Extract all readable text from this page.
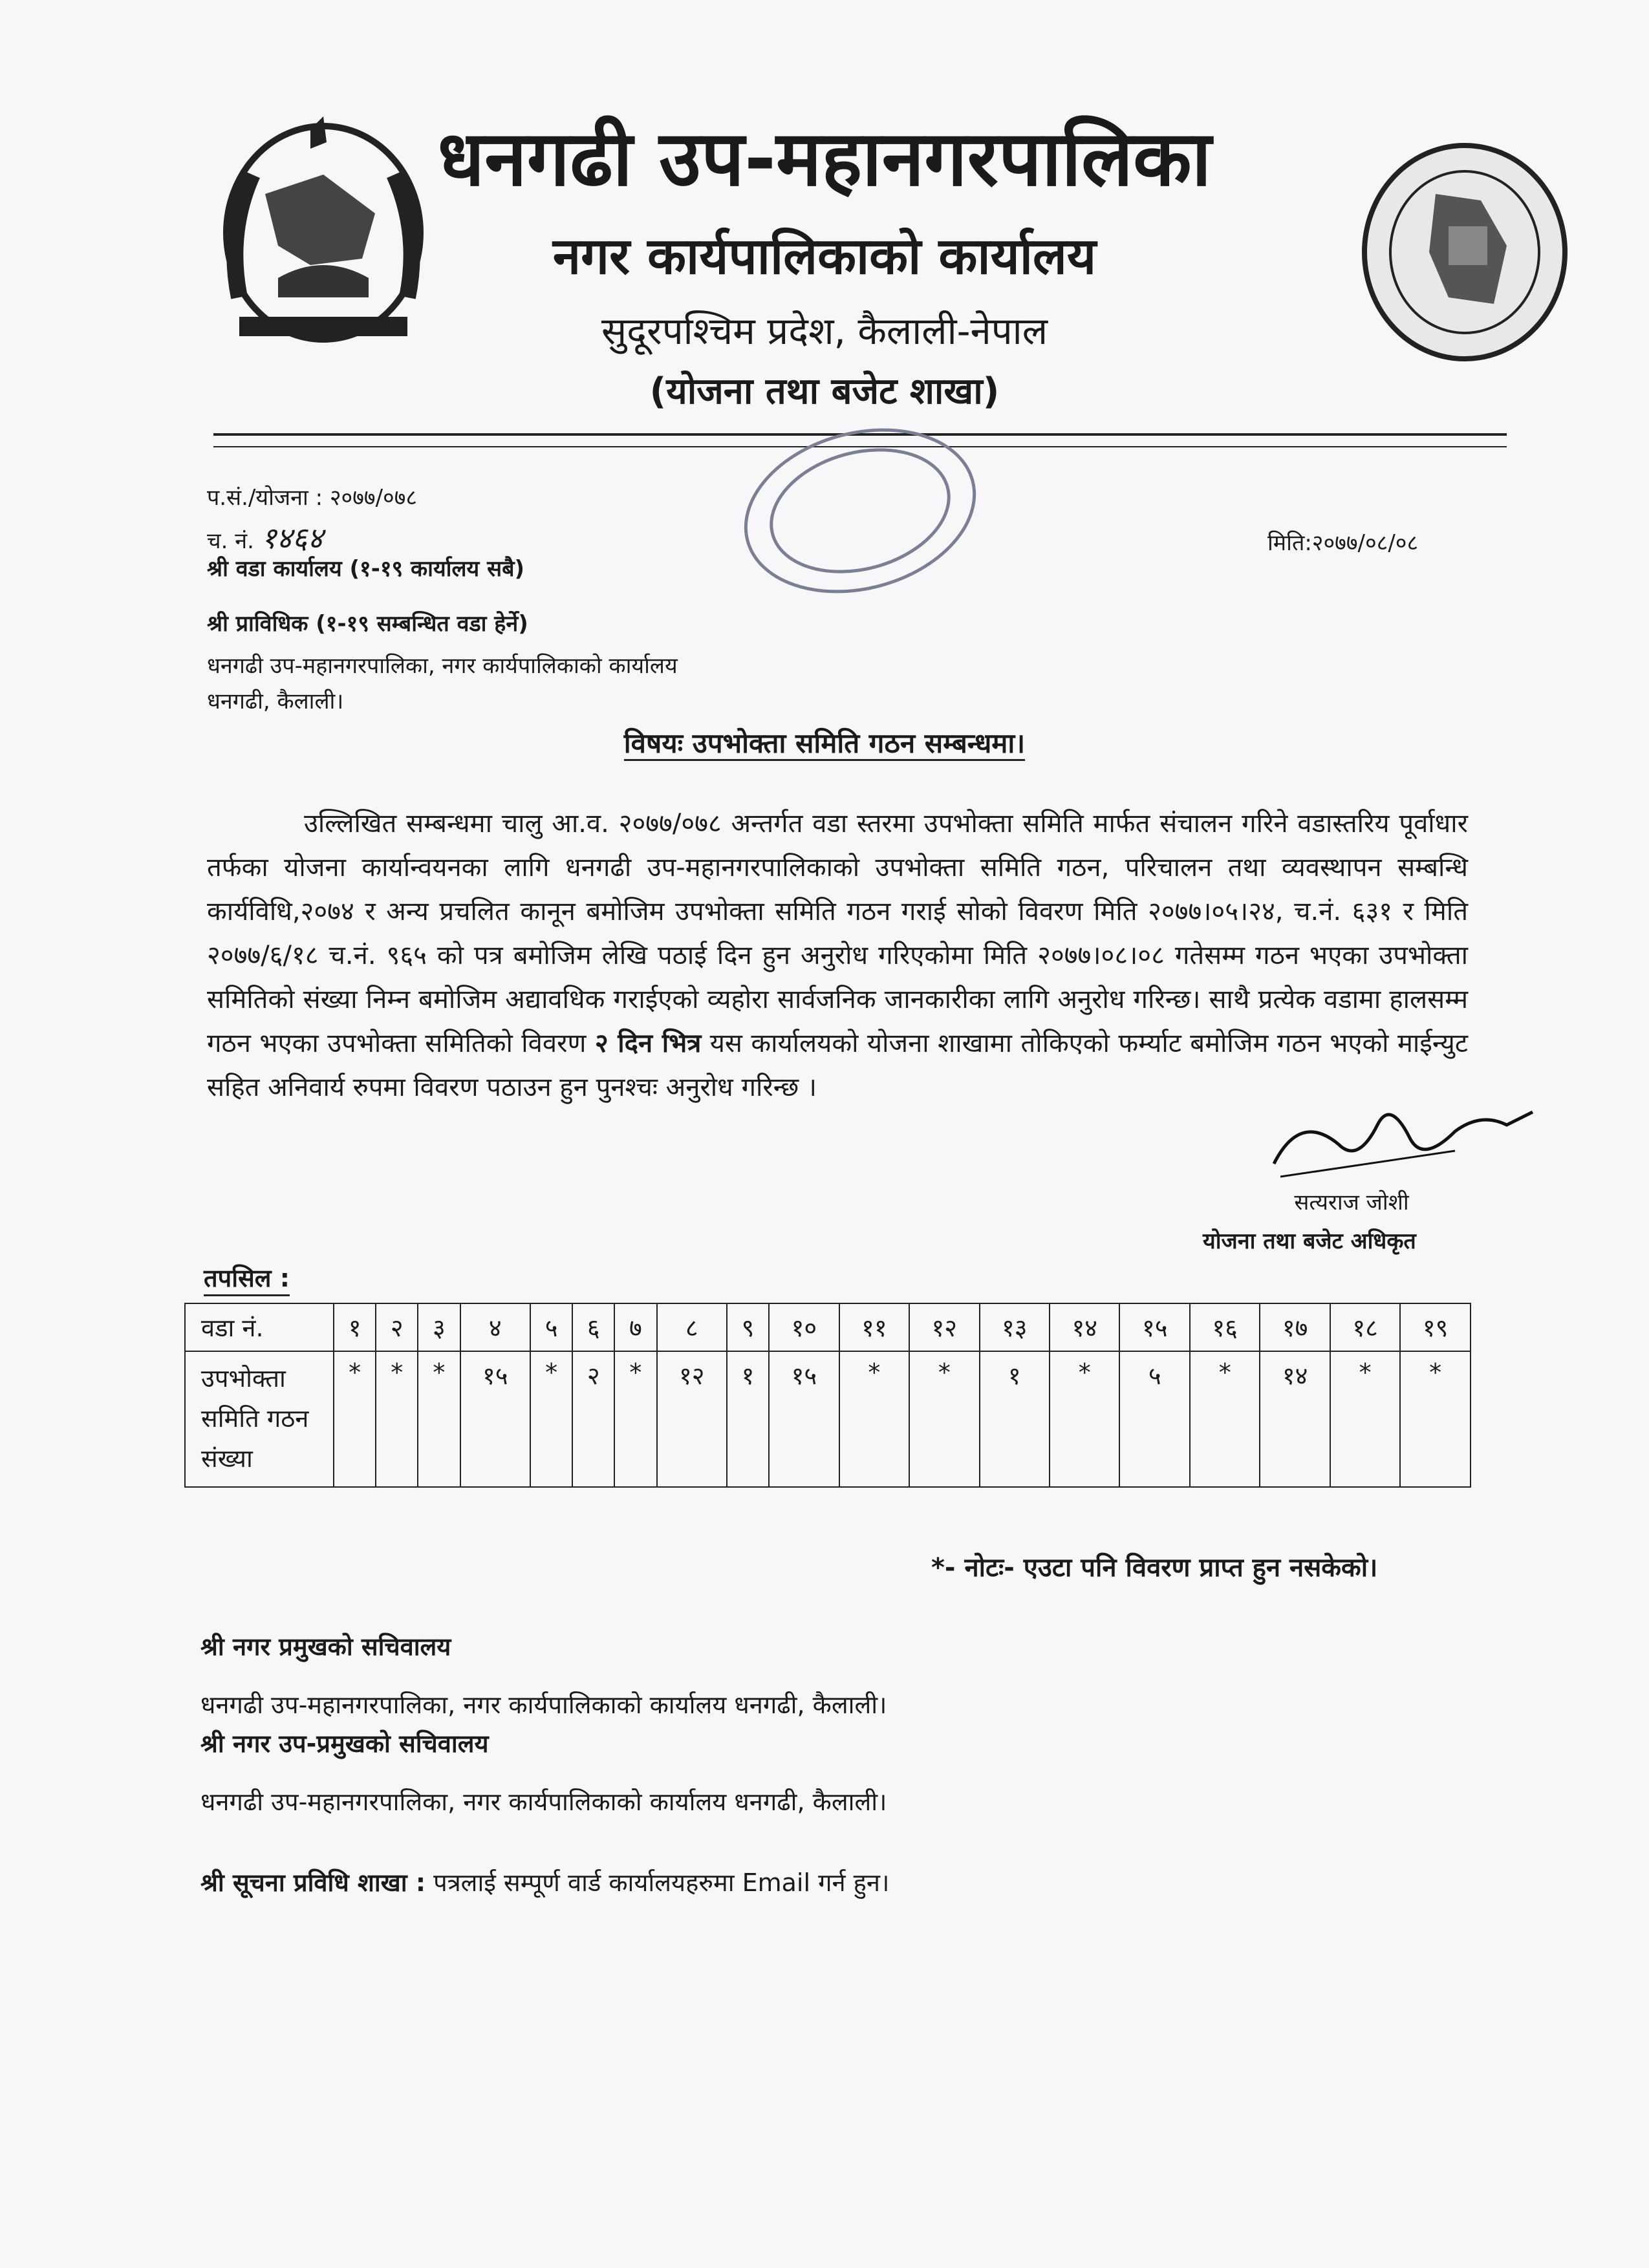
धनगढी उप-महानगरपालिका
नगर कार्यपालिकाको कार्यालय
सुदूरपश्चिम प्रदेश, कैलाली-नेपाल
(योजना तथा बजेट शाखा)
प.सं./योजना : २०७७/०७८
च. नं. १४६४	मिति:२०७७/०८/०८
श्री वडा कार्यालय (१-१९ कार्यालय सबै)
श्री प्राविधिक (१-१९ सम्बन्धित वडा हेर्ने)
धनगढी उप-महानगरपालिका, नगर कार्यपालिकाको कार्यालय
धनगढी, कैलाली।
विषयः उपभोक्ता समिति गठन सम्बन्धमा।

उल्लिखित सम्बन्धमा चालु आ.व. २०७७/०७८ अन्तर्गत वडा स्तरमा उपभोक्ता समिति मार्फत संचालन गरिने वडास्तरिय पूर्वाधार तर्फका योजना कार्यान्वयनका लागि धनगढी उप-महानगरपालिकाको उपभोक्ता समिति गठन, परिचालन तथा व्यवस्थापन सम्बन्धि कार्यविधि,२०७४ र अन्य प्रचलित कानून बमोजिम उपभोक्ता समिति गठन गराई सोको विवरण मिति २०७७।०५।२४, च.नं. ६३१ र मिति २०७७/६/१८ च.नं. ९६५ को पत्र बमोजिम लेखि पठाई दिन हुन अनुरोध गरिएकोमा मिति २०७७।०८।०८ गतेसम्म गठन भएका उपभोक्ता समितिको संख्या निम्न बमोजिम अद्यावधिक गराईएको व्यहोरा सार्वजनिक जानकारीका लागि अनुरोध गरिन्छ। साथै प्रत्येक वडामा हालसम्म गठन भएका उपभोक्ता समितिको विवरण २ दिन भित्र यस कार्यालयको योजना शाखामा तोकिएको फर्म्याट बमोजिम गठन भएको माईन्युट सहित अनिवार्य रुपमा विवरण पठाउन हुन पुनश्चः अनुरोध गरिन्छ ।

सत्यराज जोशी
योजना तथा बजेट अधिकृत
तपसिल :
वडा नं.	१	२	३	४	५	६	७	८	९	१०	११	१२	१३	१४	१५	१६	१७	१८	१९
उपभोक्ता समिति गठन संख्या	*	*	*	१५	*	२	*	१२	१	१५	*	*	१	*	५	*	१४	*	*
*- नोटः- एउटा पनि विवरण प्राप्त हुन नसकेको।
श्री नगर प्रमुखको सचिवालय
धनगढी उप-महानगरपालिका, नगर कार्यपालिकाको कार्यालय धनगढी, कैलाली।
श्री नगर उप-प्रमुखको सचिवालय
धनगढी उप-महानगरपालिका, नगर कार्यपालिकाको कार्यालय धनगढी, कैलाली।
श्री सूचना प्रविधि शाखा : पत्रलाई सम्पूर्ण वार्ड कार्यालयहरुमा Email गर्न हुन।
